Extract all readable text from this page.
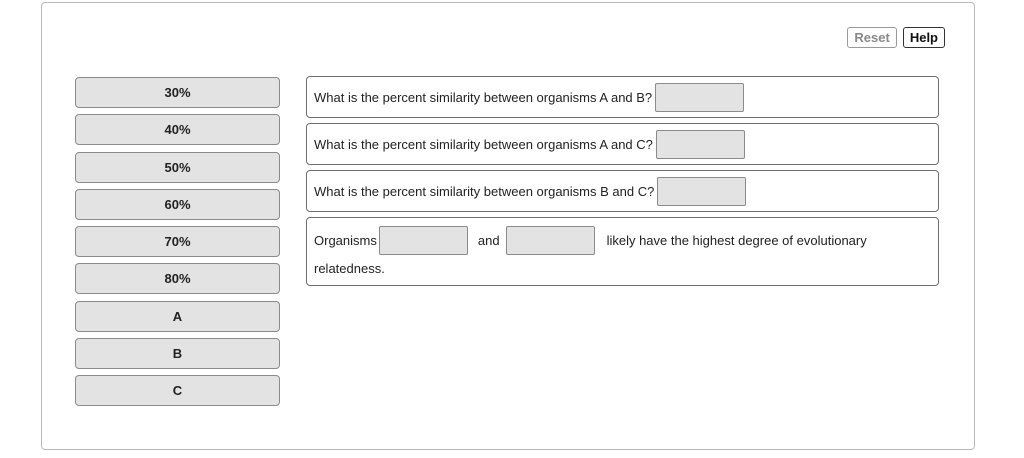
Reset	Help
30%
40%
50%
60%
70%
80%
A
B
C
What is the percent similarity between organisms A and B?
What is the percent similarity between organisms A and C?
What is the percent similarity between organisms B and C?
Organisms	and	likely have the highest degree of evolutionary
relatedness.
